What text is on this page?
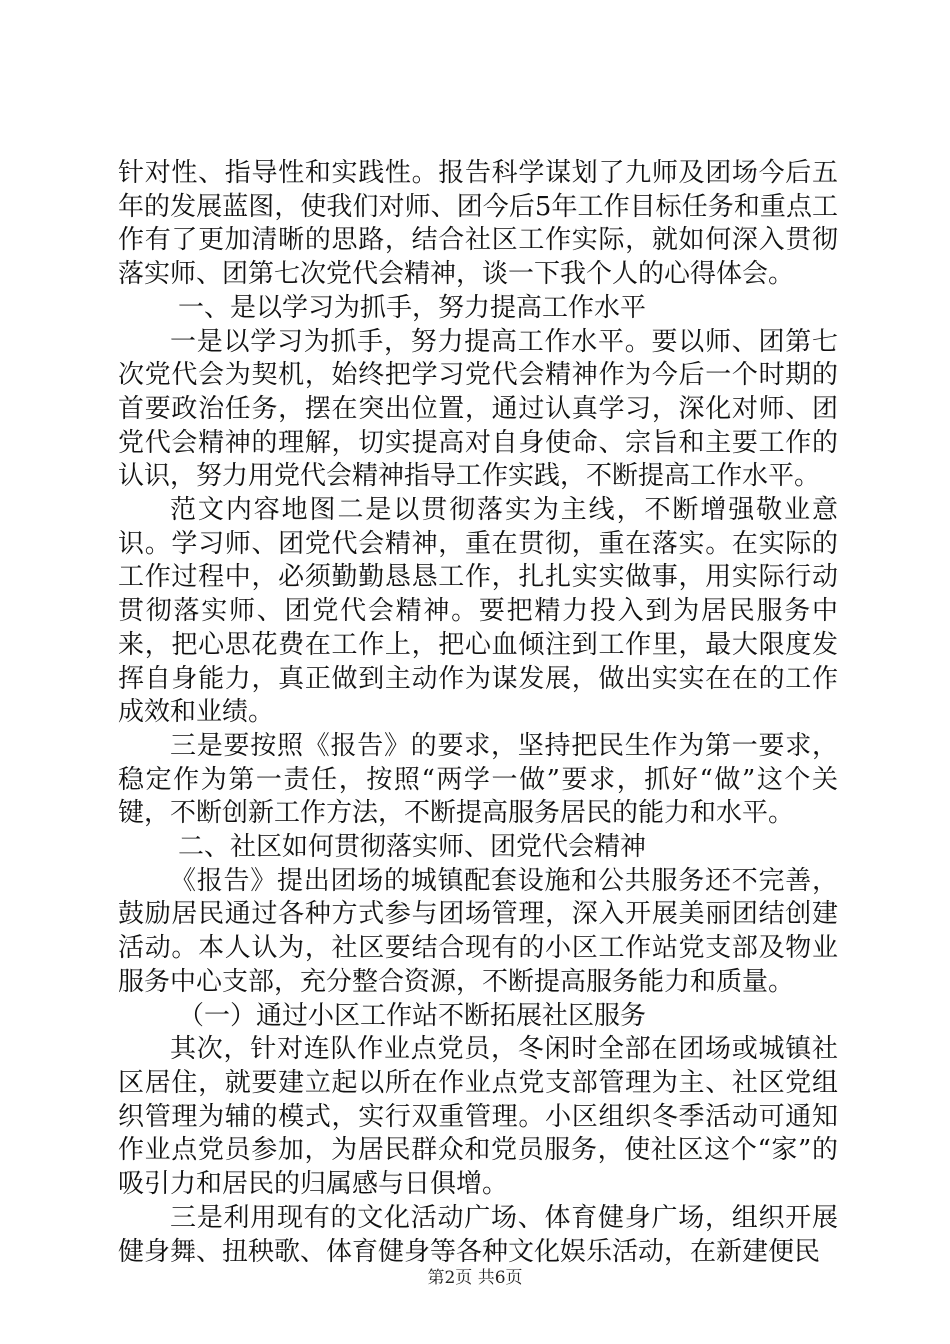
针对性、指导性和实践性。报告科学谋划了九师及团场今后五年的发展蓝图，使我们对师、团今后5年工作目标任务和重点工作有了更加清晰的思路，结合社区工作实际，就如何深入贯彻落实师、团第七次党代会精神，谈一下我个人的心得体会。

一、是以学习为抓手，努力提高工作水平

一是以学习为抓手，努力提高工作水平。要以师、团第七次党代会为契机，始终把学习党代会精神作为今后一个时期的首要政治任务，摆在突出位置，通过认真学习，深化对师、团党代会精神的理解，切实提高对自身使命、宗旨和主要工作的认识，努力用党代会精神指导工作实践，不断提高工作水平。

范文内容地图二是以贯彻落实为主线，不断增强敬业意识。学习师、团党代会精神，重在贯彻，重在落实。在实际的工作过程中，必须勤勤恳恳工作，扎扎实实做事，用实际行动贯彻落实师、团党代会精神。要把精力投入到为居民服务中来，把心思花费在工作上，把心血倾注到工作里，最大限度发挥自身能力，真正做到主动作为谋发展，做出实实在在的工作成效和业绩。

三是要按照《报告》的要求，坚持把民生作为第一要求，稳定作为第一责任，按照“两学一做”要求，抓好“做”这个关键，不断创新工作方法，不断提高服务居民的能力和水平。

二、社区如何贯彻落实师、团党代会精神

《报告》提出团场的城镇配套设施和公共服务还不完善，鼓励居民通过各种方式参与团场管理，深入开展美丽团结创建活动。本人认为，社区要结合现有的小区工作站党支部及物业服务中心支部，充分整合资源，不断提高服务能力和质量。

（一）通过小区工作站不断拓展社区服务

其次，针对连队作业点党员，冬闲时全部在团场或城镇社区居住，就要建立起以所在作业点党支部管理为主、社区党组织管理为辅的模式，实行双重管理。小区组织冬季活动可通知作业点党员参加，为居民群众和党员服务，使社区这个“家”的吸引力和居民的归属感与日俱增。

三是利用现有的文化活动广场、体育健身广场，组织开展健身舞、扭秧歌、体育健身等各种文化娱乐活动，在新建便民

第2页 共6页
